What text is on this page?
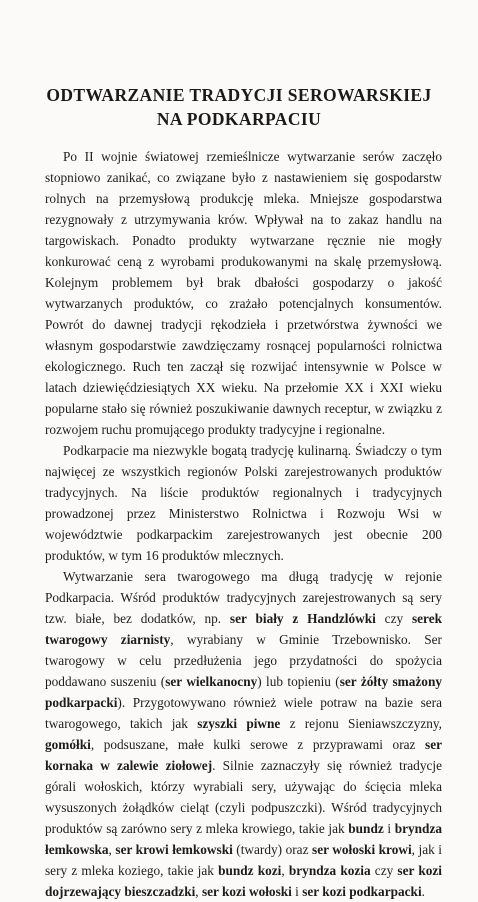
ODTWARZANIE TRADYCJI SEROWARSKIEJ
NA PODKARPACIU

Po II wojnie światowej rzemieślnicze wytwarzanie serów zaczęło stopniowo zanikać, co związane było z nastawieniem się gospodarstw rolnych na przemysłową produkcję mleka. Mniejsze gospodarstwa rezygnowały z utrzymywania krów. Wpływał na to zakaz handlu na targowiskach. Ponadto produkty wytwarzane ręcznie nie mogły konkurować ceną z wyrobami produkowanymi na skalę przemysłową. Kolejnym problemem był brak dbałości gospodarzy o jakość wytwarzanych produktów, co zrażało potencjalnych konsumentów. Powrót do dawnej tradycji rękodzieła i przetwórstwa żywności we własnym gospodarstwie zawdzięczamy rosnącej popularności rolnictwa ekologicznego. Ruch ten zaczął się rozwijać intensywnie w Polsce w latach dziewięćdziesiątych XX wieku. Na przełomie XX i XXI wieku popularne stało się również poszukiwanie dawnych receptur, w związku z rozwojem ruchu promującego produkty tradycyjne i regionalne.

Podkarpacie ma niezwykle bogatą tradycję kulinarną. Świadczy o tym najwięcej ze wszystkich regionów Polski zarejestrowanych produktów tradycyjnych. Na liście produktów regionalnych i tradycyjnych prowadzonej przez Ministerstwo Rolnictwa i Rozwoju Wsi w województwie podkarpackim zarejestrowanych jest obecnie 200 produktów, w tym 16 produktów mlecznych.

Wytwarzanie sera twarogowego ma długą tradycję w rejonie Podkarpacia. Wśród produktów tradycyjnych zarejestrowanych są sery tzw. białe, bez dodatków, np. ser biały z Handzlówki czy serek twarogowy ziarnisty, wyrabiany w Gminie Trzebownisko. Ser twarogowy w celu przedłużenia jego przydatności do spożycia poddawano suszeniu (ser wielkanocny) lub topieniu (ser żółty smażony podkarpacki). Przygotowywano również wiele potraw na bazie sera twarogowego, takich jak szyszki piwne z rejonu Sieniawszczyzny, gomółki, podsuszane, małe kulki serowe z przyprawami oraz ser kornaka w zalewie ziołowej. Silnie zaznaczyły się również tradycje górali wołoskich, którzy wyrabiali sery, używając do ścięcia mleka wysuszonych żołądków cieląt (czyli podpuszczki). Wśród tradycyjnych produktów są zarówno sery z mleka krowiego, takie jak bundz i bryndza łemkowska, ser krowi łemkowski (twardy) oraz ser wołoski krowi, jak i sery z mleka koziego, takie jak bundz kozi, bryndza kozia czy ser kozi dojrzewający bieszczadzki, ser kozi wołoski i ser kozi podkarpacki.
